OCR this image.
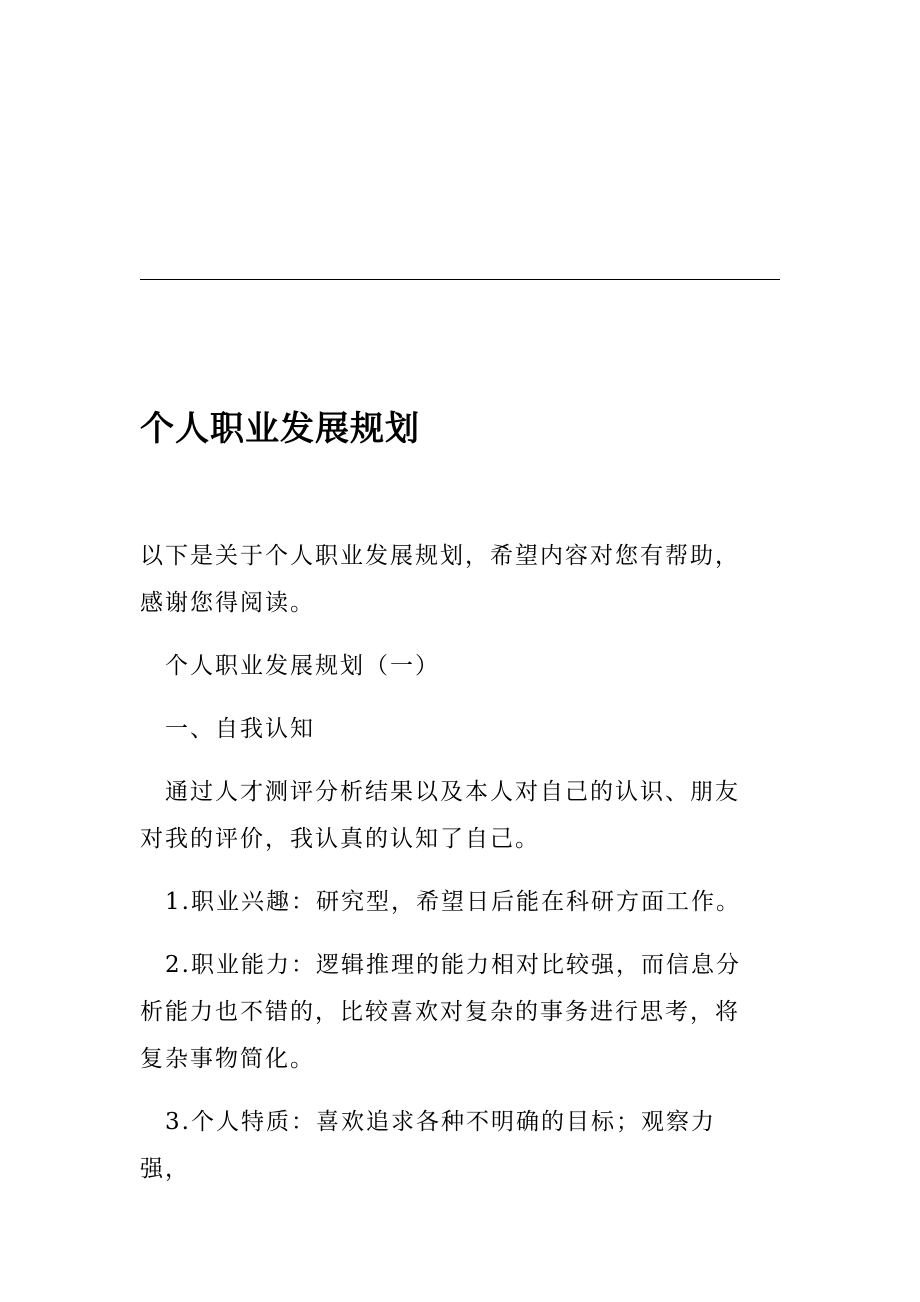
个人职业发展规划

以下是关于个人职业发展规划，希望内容对您有帮助，感谢您得阅读。

个人职业发展规划（一）

一、自我认知

通过人才测评分析结果以及本人对自己的认识、朋友对我的评价，我认真的认知了自己。

1.职业兴趣：研究型，希望日后能在科研方面工作。

2.职业能力：逻辑推理的能力相对比较强，而信息分析能力也不错的，比较喜欢对复杂的事务进行思考，将复杂事物简化。

3.个人特质：喜欢追求各种不明确的目标；观察力强，
